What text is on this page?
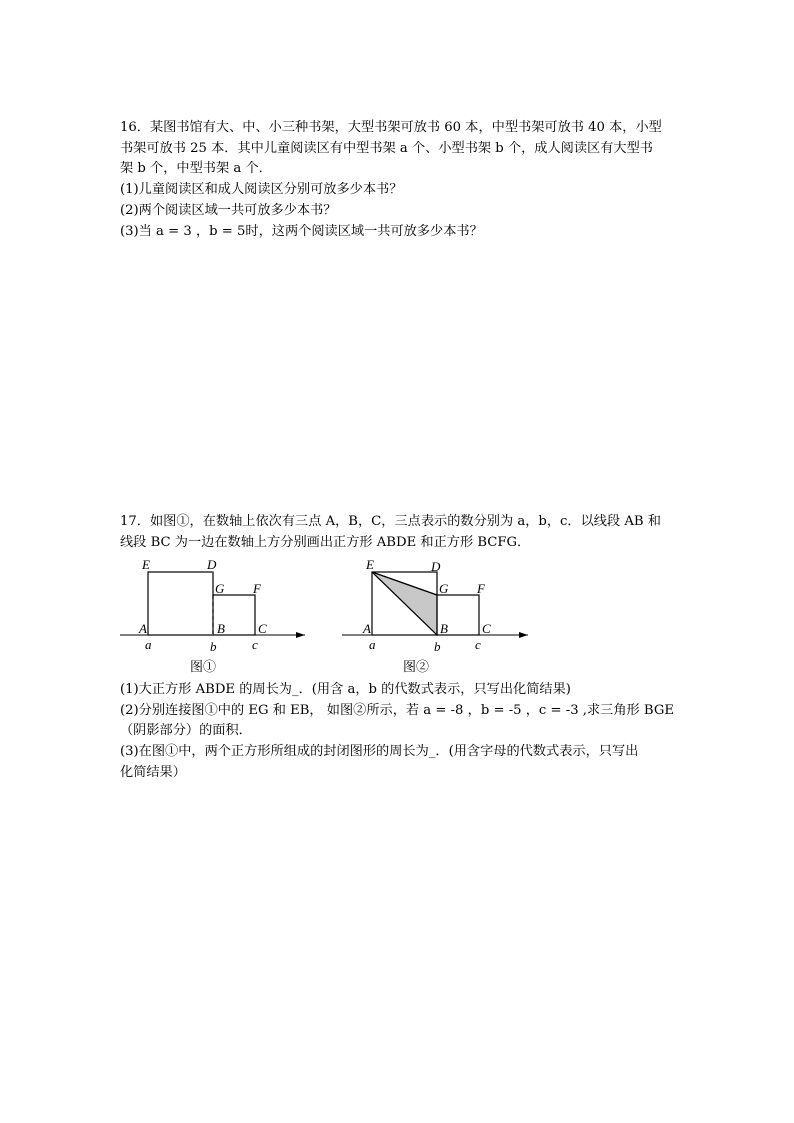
16．某图书馆有大、中、小三种书架，大型书架可放书 60 本，中型书架可放书 40 本，小型
书架可放书 25 本．其中儿童阅读区有中型书架 a 个、小型书架 b 个，成人阅读区有大型书
架 b 个，中型书架 a 个．
(1)儿童阅读区和成人阅读区分别可放多少本书？
(2)两个阅读区域一共可放多少本书？
(3)当 a = 3 ，b = 5时，这两个阅读区域一共可放多少本书？
17．如图①，在数轴上依次有三点 A，B，C，三点表示的数分别为 a，b，c．以线段 AB 和
线段 BC 为一边在数轴上方分别画出正方形 ABDE 和正方形 BCFG．
E	D
G F
A	B	C
a	b	c
图①
E	D
G F
A	B	C
a	b	c
图②
(1)大正方形 ABDE 的周长为_．(用含 a，b 的代数式表示，只写出化简结果)
(2)分别连接图①中的 EG 和 EB， 如图②所示，若 a = -8 ，b = -5 ，c = -3 ,求三角形 BGE
（阴影部分）的面积．
(3)在图①中，两个正方形所组成的封闭图形的周长为_．(用含字母的代数式表示，只写出
化简结果）
